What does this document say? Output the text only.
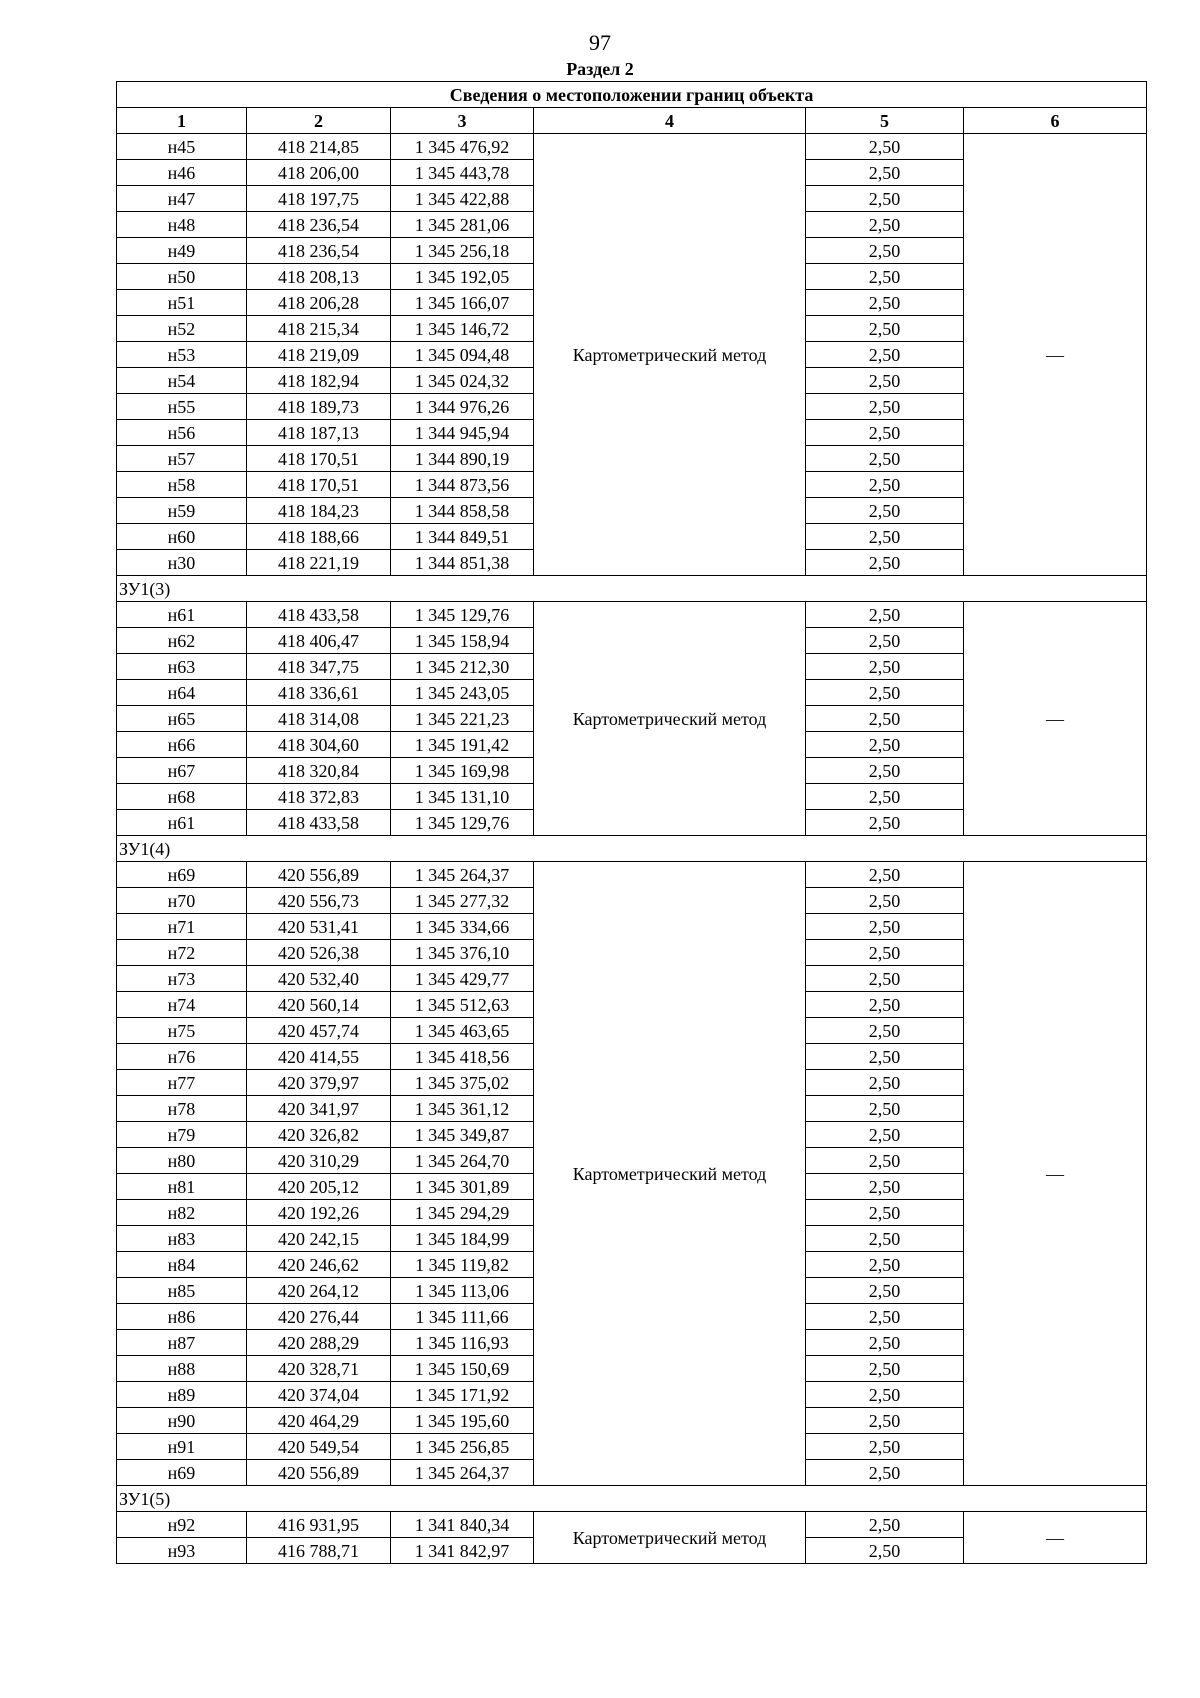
97
Раздел 2
Сведения о местоположении границ объекта					
1	2	3	4	5	6
н45	418 214,85	1 345 476,92	Картометрический метод	2,50	—
н46	418 206,00	1 345 443,78		2,50	
н47	418 197,75	1 345 422,88		2,50	
н48	418 236,54	1 345 281,06		2,50	
н49	418 236,54	1 345 256,18		2,50	
н50	418 208,13	1 345 192,05		2,50	
н51	418 206,28	1 345 166,07		2,50	
н52	418 215,34	1 345 146,72		2,50	
н53	418 219,09	1 345 094,48		2,50	
н54	418 182,94	1 345 024,32		2,50	
н55	418 189,73	1 344 976,26		2,50	
н56	418 187,13	1 344 945,94		2,50	
н57	418 170,51	1 344 890,19		2,50	
н58	418 170,51	1 344 873,56		2,50	
н59	418 184,23	1 344 858,58		2,50	
н60	418 188,66	1 344 849,51		2,50	
н30	418 221,19	1 344 851,38		2,50	
ЗУ1(3)					
н61	418 433,58	1 345 129,76	Картометрический метод	2,50	—
н62	418 406,47	1 345 158,94		2,50	
н63	418 347,75	1 345 212,30		2,50	
н64	418 336,61	1 345 243,05		2,50	
н65	418 314,08	1 345 221,23		2,50	
н66	418 304,60	1 345 191,42		2,50	
н67	418 320,84	1 345 169,98		2,50	
н68	418 372,83	1 345 131,10		2,50	
н61	418 433,58	1 345 129,76		2,50	
ЗУ1(4)					
н69	420 556,89	1 345 264,37	Картометрический метод	2,50	—
н70	420 556,73	1 345 277,32		2,50	
н71	420 531,41	1 345 334,66		2,50	
н72	420 526,38	1 345 376,10		2,50	
н73	420 532,40	1 345 429,77		2,50	
н74	420 560,14	1 345 512,63		2,50	
н75	420 457,74	1 345 463,65		2,50	
н76	420 414,55	1 345 418,56		2,50	
н77	420 379,97	1 345 375,02		2,50	
н78	420 341,97	1 345 361,12		2,50	
н79	420 326,82	1 345 349,87		2,50	
н80	420 310,29	1 345 264,70		2,50	
н81	420 205,12	1 345 301,89		2,50	
н82	420 192,26	1 345 294,29		2,50	
н83	420 242,15	1 345 184,99		2,50	
н84	420 246,62	1 345 119,82		2,50	
н85	420 264,12	1 345 113,06		2,50	
н86	420 276,44	1 345 111,66		2,50	
н87	420 288,29	1 345 116,93		2,50	
н88	420 328,71	1 345 150,69		2,50	
н89	420 374,04	1 345 171,92		2,50	
н90	420 464,29	1 345 195,60		2,50	
н91	420 549,54	1 345 256,85		2,50	
н69	420 556,89	1 345 264,37		2,50	
ЗУ1(5)					
н92	416 931,95	1 341 840,34	Картометрический метод	2,50	—
н93	416 788,71	1 341 842,97		2,50	
